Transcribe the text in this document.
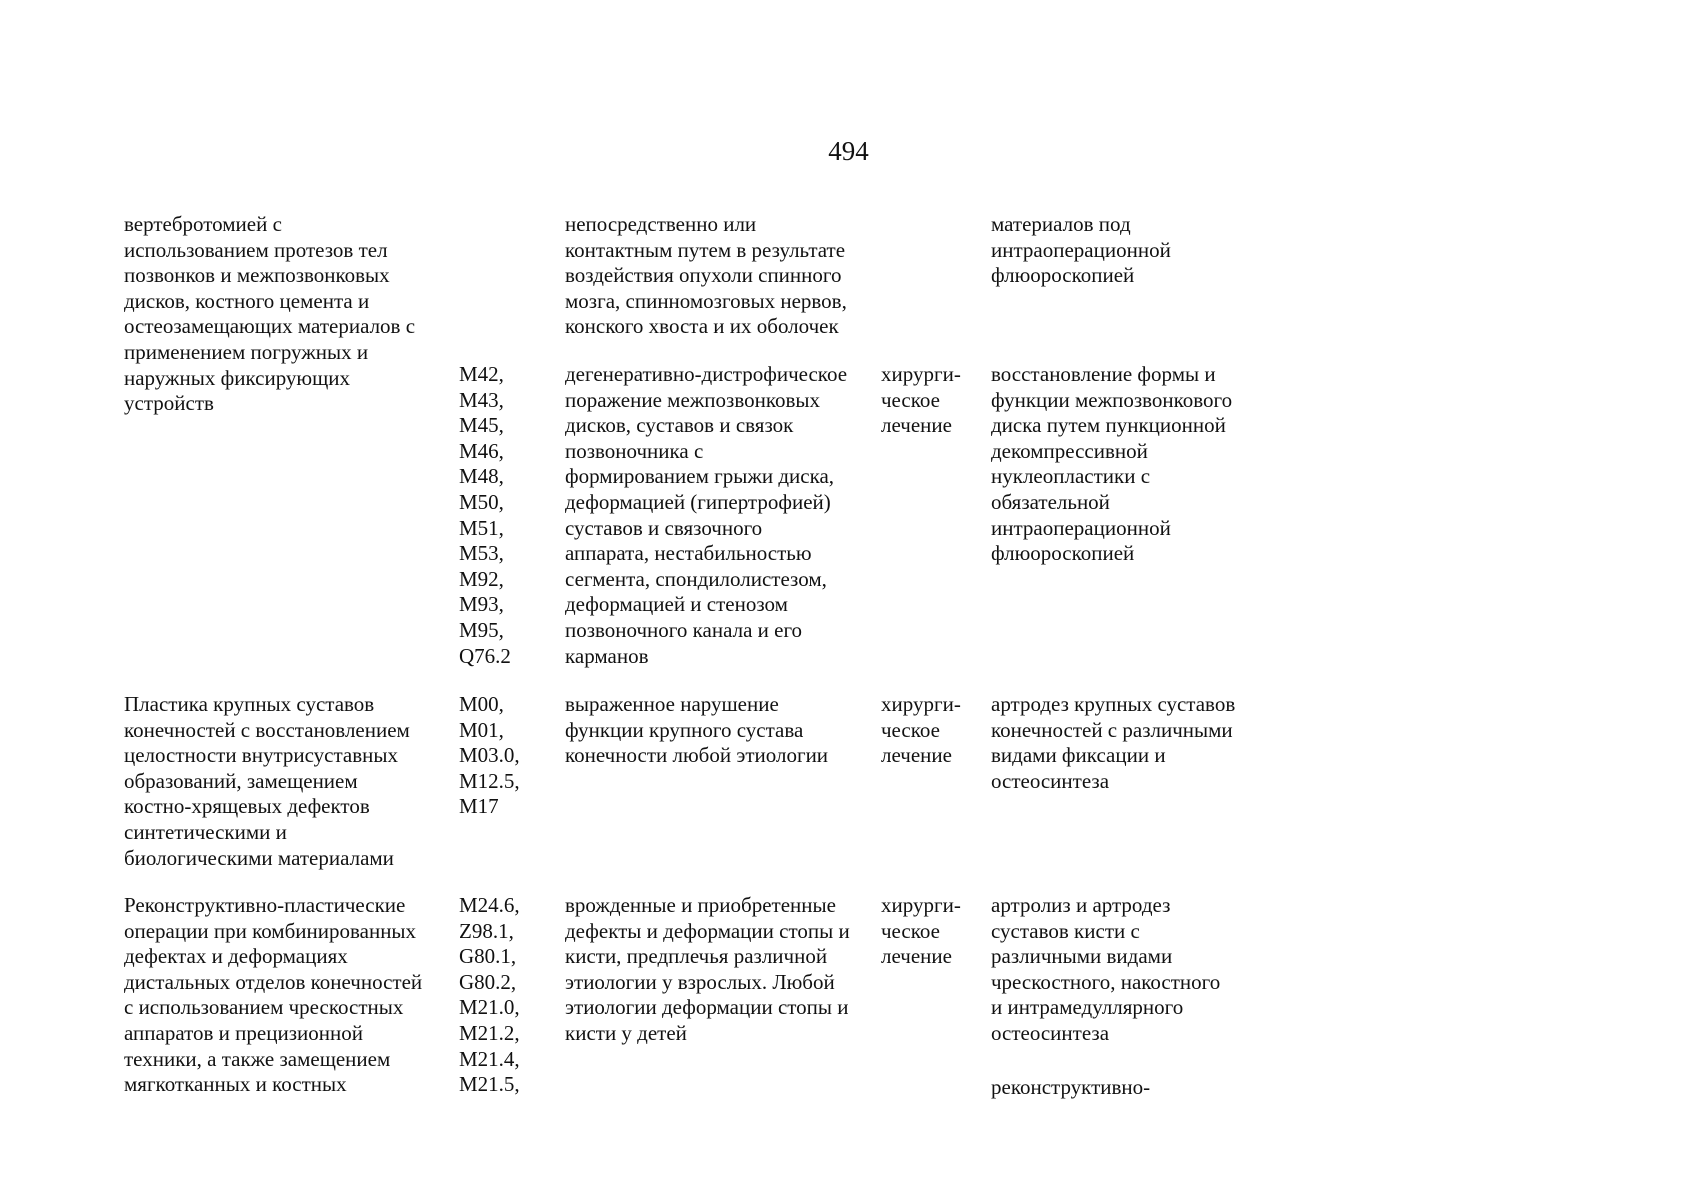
494
вертебротомией с
использованием протезов тел
позвонков и межпозвонковых
дисков, костного цемента и
остеозамещающих материалов с
применением погружных и
наружных фиксирующих
устройств
непосредственно или
контактным путем в результате
воздействия опухоли спинного
мозга, спинномозговых нервов,
конского хвоста и их оболочек
материалов под
интраоперационной
флюороскопией
M42,
M43,
M45,
M46,
M48,
M50,
M51,
M53,
M92,
M93,
M95,
Q76.2
дегенеративно-дистрофическое
поражение межпозвонковых
дисков, суставов и связок
позвоночника с
формированием грыжи диска,
деформацией (гипертрофией)
суставов и связочного
аппарата, нестабильностью
сегмента, спондилолистезом,
деформацией и стенозом
позвоночного канала и его
карманов
хирурги-
ческое
лечение
восстановление формы и
функции межпозвонкового
диска путем пункционной
декомпрессивной
нуклеопластики с
обязательной
интраоперационной
флюороскопией
Пластика крупных суставов
конечностей с восстановлением
целостности внутрисуставных
образований, замещением
костно-хрящевых дефектов
синтетическими и
биологическими материалами
M00,
M01,
M03.0,
M12.5,
M17
выраженное нарушение
функции крупного сустава
конечности любой этиологии
хирурги-
ческое
лечение
артродез крупных суставов
конечностей с различными
видами фиксации и
остеосинтеза
Реконструктивно-пластические
операции при комбинированных
дефектах и деформациях
дистальных отделов конечностей
с использованием чрескостных
аппаратов и прецизионной
техники, а также замещением
мягкотканных и костных
M24.6,
Z98.1,
G80.1,
G80.2,
M21.0,
M21.2,
M21.4,
M21.5,
врожденные и приобретенные
дефекты и деформации стопы и
кисти, предплечья различной
этиологии у взрослых. Любой
этиологии деформации стопы и
кисти у детей
хирурги-
ческое
лечение
артролиз и артродез
суставов кисти с
различными видами
чрескостного, накостного
и интрамедуллярного
остеосинтеза
реконструктивно-
